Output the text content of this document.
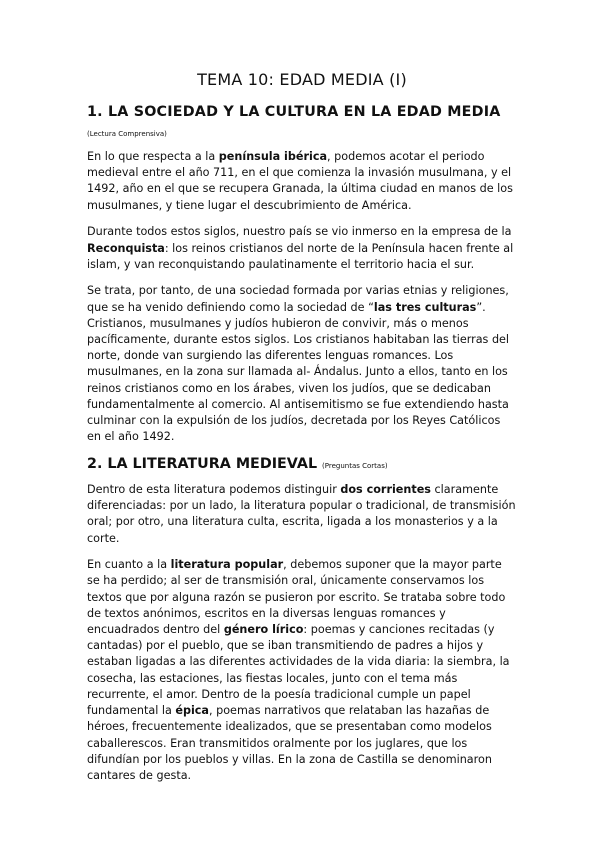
TEMA 10: EDAD MEDIA (I)
1. LA SOCIEDAD Y LA CULTURA EN LA EDAD MEDIA
(Lectura Comprensiva)

En lo que respecta a la península ibérica, podemos acotar el periodo medieval entre el año 711, en el que comienza la invasión musulmana, y el 1492, año en el que se recupera Granada, la última ciudad en manos de los musulmanes, y tiene lugar el descubrimiento de América.

Durante todos estos siglos, nuestro país se vio inmerso en la empresa de la Reconquista: los reinos cristianos del norte de la Península hacen frente al islam, y van reconquistando paulatinamente el territorio hacia el sur.

Se trata, por tanto, de una sociedad formada por varias etnias y religiones, que se ha venido definiendo como la sociedad de “las tres culturas”. Cristianos, musulmanes y judíos hubieron de convivir, más o menos pacíficamente, durante estos siglos. Los cristianos habitaban las tierras del norte, donde van surgiendo las diferentes lenguas romances. Los musulmanes, en la zona sur llamada al- Ándalus. Junto a ellos, tanto en los reinos cristianos como en los árabes, viven los judíos, que se dedicaban fundamentalmente al comercio. Al antisemitismo se fue extendiendo hasta culminar con la expulsión de los judíos, decretada por los Reyes Católicos en el año 1492.

2. LA LITERATURA MEDIEVAL (Preguntas Cortas)

Dentro de esta literatura podemos distinguir dos corrientes claramente diferenciadas: por un lado, la literatura popular o tradicional, de transmisión oral; por otro, una literatura culta, escrita, ligada a los monasterios y a la corte.

En cuanto a la literatura popular, debemos suponer que la mayor parte se ha perdido; al ser de transmisión oral, únicamente conservamos los textos que por alguna razón se pusieron por escrito. Se trataba sobre todo de textos anónimos, escritos en la diversas lenguas romances y encuadrados dentro del género lírico: poemas y canciones recitadas (y cantadas) por el pueblo, que se iban transmitiendo de padres a hijos y estaban ligadas a las diferentes actividades de la vida diaria: la siembra, la cosecha, las estaciones, las fiestas locales, junto con el tema más recurrente, el amor. Dentro de la poesía tradicional cumple un papel fundamental la épica, poemas narrativos que relataban las hazañas de héroes, frecuentemente idealizados, que se presentaban como modelos caballerescos. Eran transmitidos oralmente por los juglares, que los difundían por los pueblos y villas. En la zona de Castilla se denominaron cantares de gesta.
